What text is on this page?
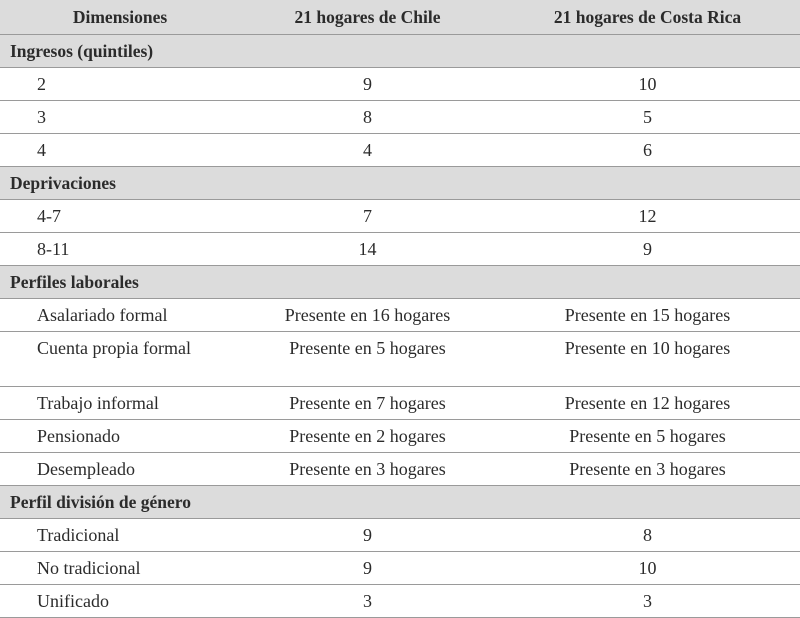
Dimensiones	21 hogares de Chile	21 hogares de Costa Rica
Ingresos (quintiles)		
2	9	10
3	8	5
4	4	6
Deprivaciones		
4-7	7	12
8-11	14	9
Perfiles laborales		
Asalariado formal	Presente en 16 hogares	Presente en 15 hogares
Cuenta propia formal	Presente en 5 hogares	Presente en 10 hogares
Trabajo informal	Presente en 7 hogares	Presente en 12 hogares
Pensionado	Presente en 2 hogares	Presente en 5 hogares
Desempleado	Presente en 3 hogares	Presente en 3 hogares
Perfil división de género		
Tradicional	9	8
No tradicional	9	10
Unificado	3	3
